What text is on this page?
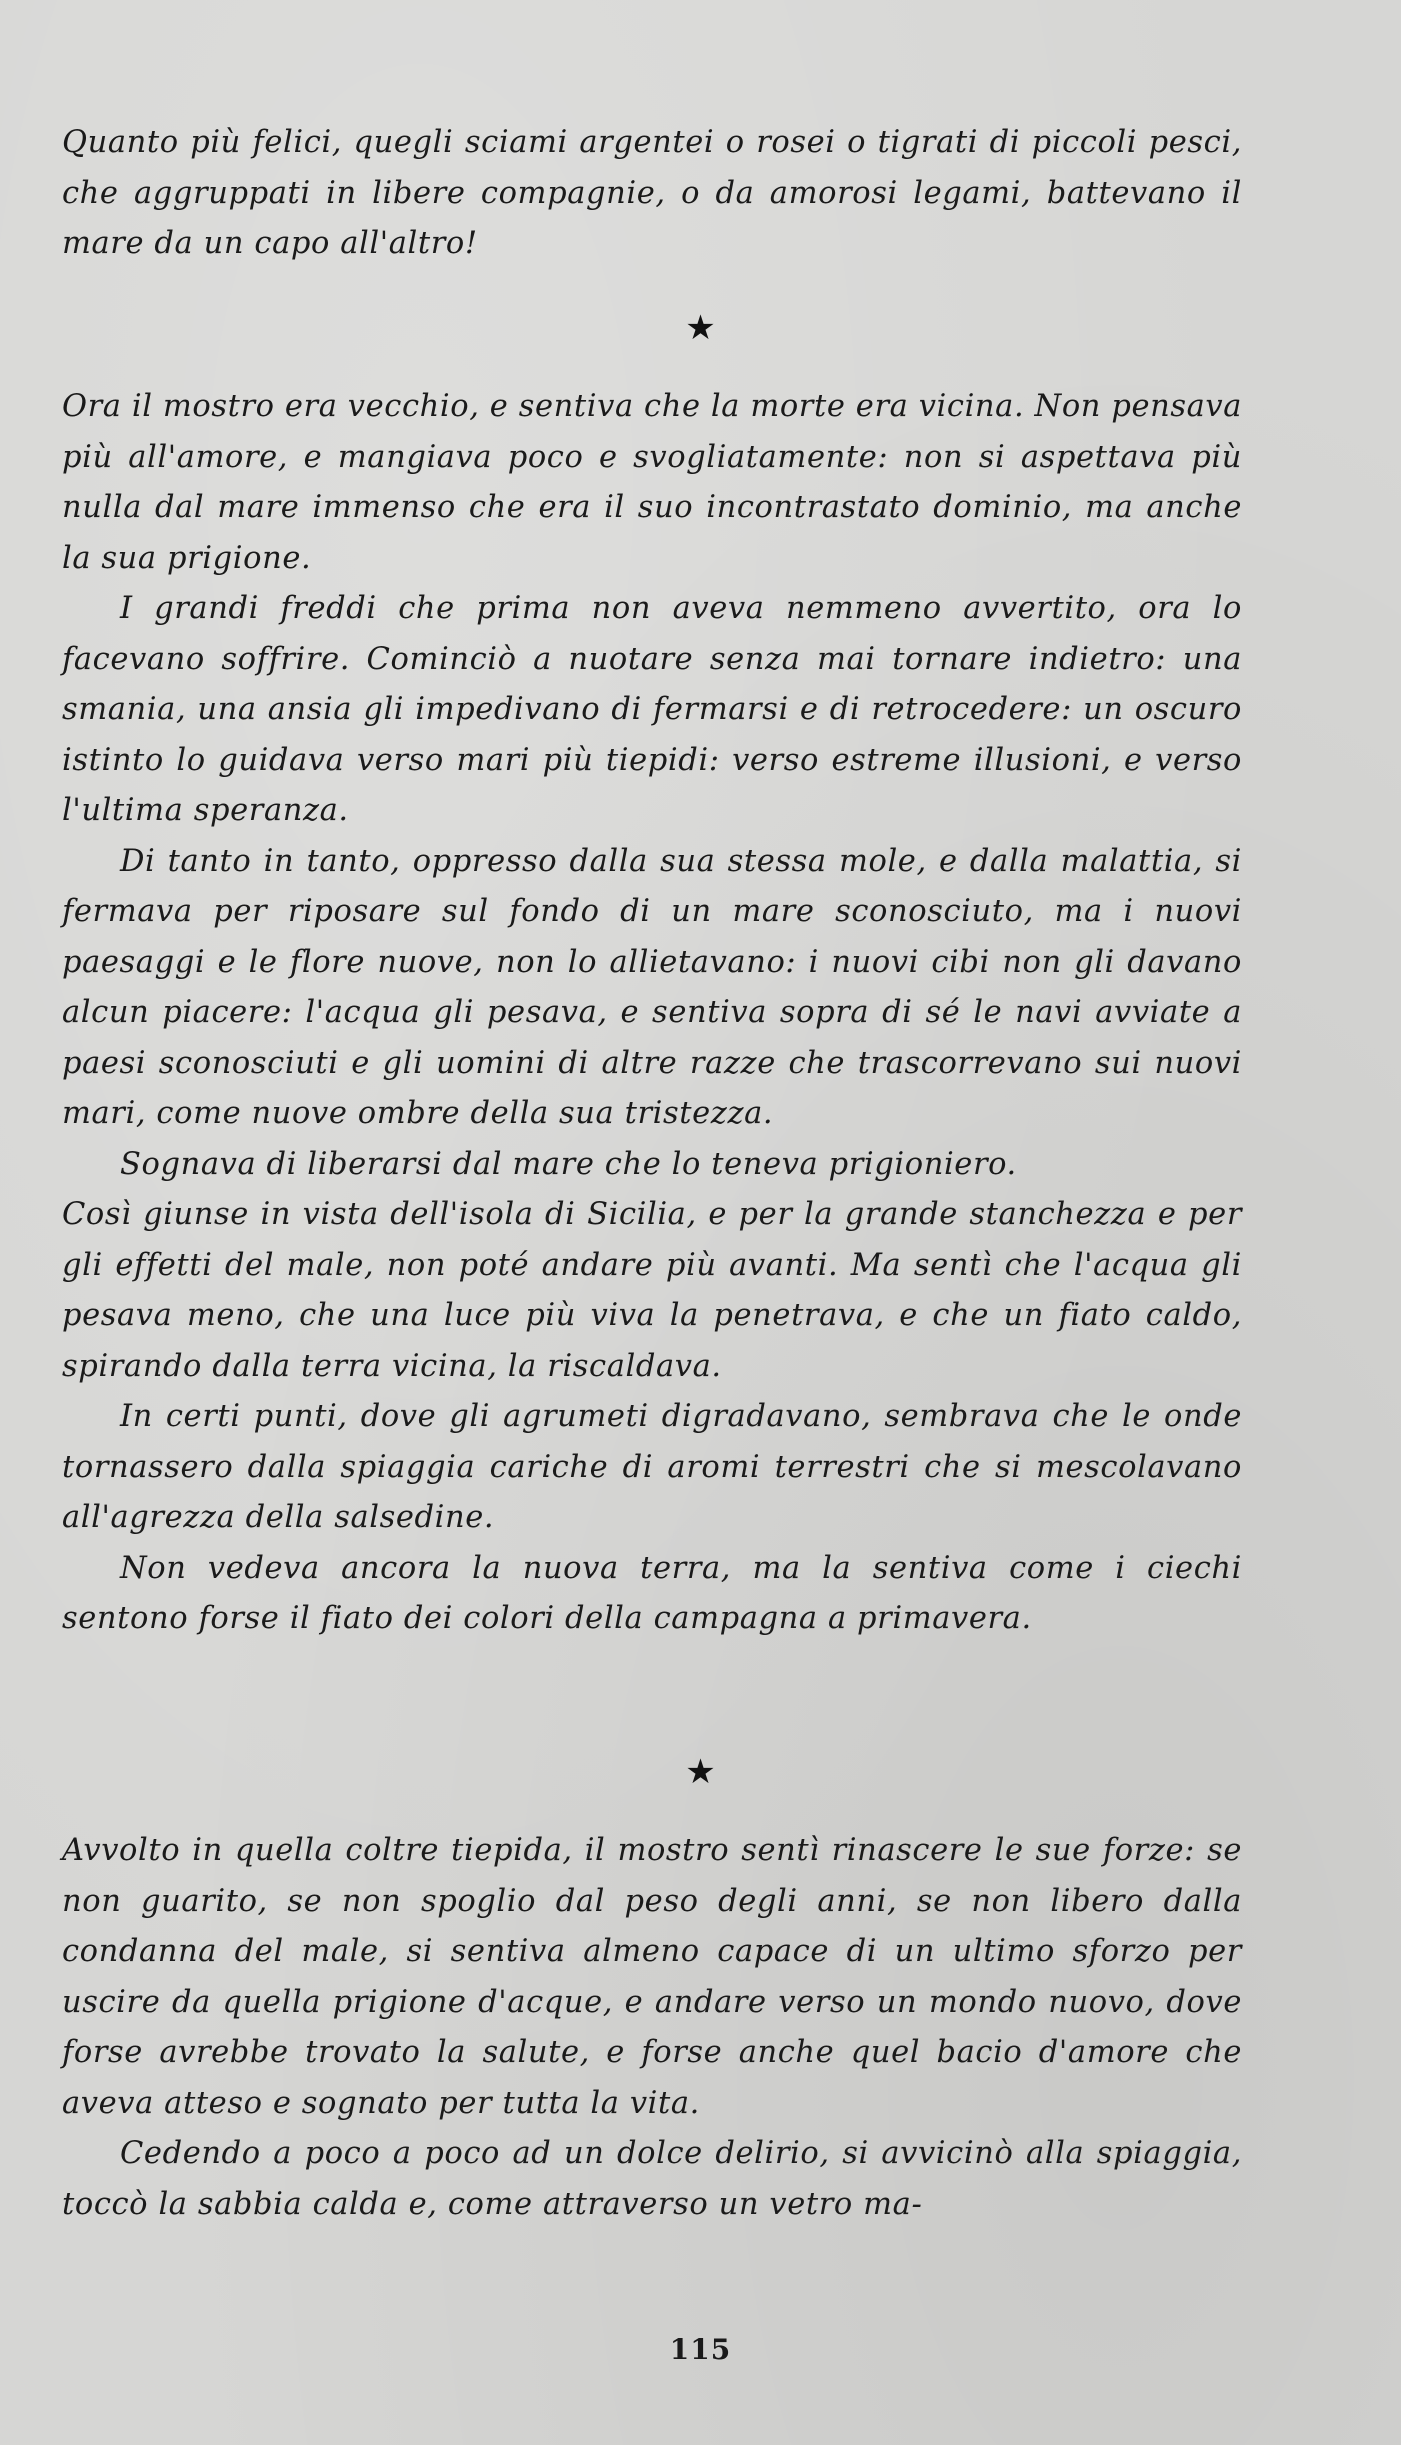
Quanto più felici, quegli sciami argentei o rosei o tigrati di piccoli pesci, che aggruppati in libere compagnie, o da amorosi legami, battevano il mare da un capo all'altro!

★

Ora il mostro era vecchio, e sentiva che la morte era vicina. Non pensava più all'amore, e mangiava poco e svogliatamente: non si aspettava più nulla dal mare immenso che era il suo incontrastato dominio, ma anche la sua prigione.

I grandi freddi che prima non aveva nemmeno avvertito, ora lo facevano soffrire. Cominciò a nuotare senza mai tornare indietro: una smania, una ansia gli impedivano di fermarsi e di retrocedere: un oscuro istinto lo guidava verso mari più tiepidi: verso estreme illusioni, e verso l'ultima speranza.

Di tanto in tanto, oppresso dalla sua stessa mole, e dalla malattia, si fermava per riposare sul fondo di un mare sconosciuto, ma i nuovi paesaggi e le flore nuove, non lo allietavano: i nuovi cibi non gli davano alcun piacere: l'acqua gli pesava, e sentiva sopra di sé le navi avviate a paesi sconosciuti e gli uomini di altre razze che trascorrevano sui nuovi mari, come nuove ombre della sua tristezza.

Sognava di liberarsi dal mare che lo teneva prigioniero.

Così giunse in vista dell'isola di Sicilia, e per la grande stanchezza e per gli effetti del male, non poté andare più avanti. Ma sentì che l'acqua gli pesava meno, che una luce più viva la penetrava, e che un fiato caldo, spirando dalla terra vicina, la riscaldava.

In certi punti, dove gli agrumeti digradavano, sembrava che le onde tornassero dalla spiaggia cariche di aromi terrestri che si mescolavano all'agrezza della salsedine.

Non vedeva ancora la nuova terra, ma la sentiva come i ciechi sentono forse il fiato dei colori della campagna a primavera.

★

Avvolto in quella coltre tiepida, il mostro sentì rinascere le sue forze: se non guarito, se non spoglio dal peso degli anni, se non libero dalla condanna del male, si sentiva almeno capace di un ultimo sforzo per uscire da quella prigione d'acque, e andare verso un mondo nuovo, dove forse avrebbe trovato la salute, e forse anche quel bacio d'amore che aveva atteso e sognato per tutta la vita.

Cedendo a poco a poco ad un dolce delirio, si avvicinò alla spiaggia, toccò la sabbia calda e, come attraverso un vetro ma-

115
